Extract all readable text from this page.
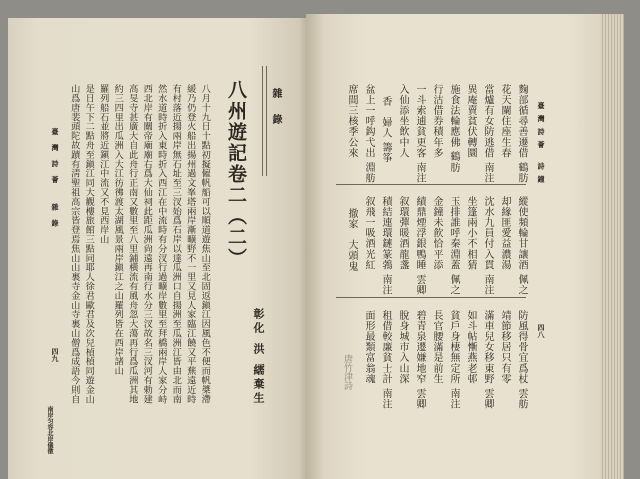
雜錄
八州遊記卷二（二）
彰化 洪 繻棄生
八月十九日十點初擬僱帆船可以順道遊焦山至北固返鎭江因風色不便而帆槳滯
緩乃仍登火船出揚州過文峯塔兩岸漸曠野不一里又見人家臨江饒又平蕪遠近時
有村落近揚兩岸無石址至三汊始爲石岸以達瓜洲口自揚洲至瓜洲江皆由北而南
然水道時折入東時折入西江在中流時有分汊行過曠岸數里至拜橋兩岸人家分峙
西北岸有關帝廟廟右爲大仙祠此距瓜洲尙遠再南行水分三汊故名三汊河有勅建
高旻寺甚廣大自此舟行正南又數里至八里鋪橫流有風舟忽大蕩再行爲瓜洲其地
約三四里出瓜洲入大江彷彿渡太湖風景兩岸鎭江之山羅列皆在西岸諸山
羅列船石並將近鎭江中流又不見西岸山
是日午下二點舟至鎭江同大觀樓旅館三點同耶人徐君歐君及次兒楨楨同遊金山
山爲唐裴頭陀故蹟有淸聖祖高宗皆登焉焦山山裏寺金山寺裏山僧爲成語今則自
南岸匀容北岸儀徵
臺灣詩薈 雜錄
四九
臺灣詩薈 詩鐘
四八
麴部循尋善遷借 鶴肪
花天闌住座生春
當爐有女防逃借 南注
異庵賣貧伏轉圜
施食法輪應佛 鶴肪
行沽借券積年多
一斗索逋貧更客 南注
入仙添坐飲中人
香　婦人 籌筝
盆上一呼鈎弋出 淵舫
席間三核季公來
縱使頻輪甘讓酒 佩之
却緣匪愛益濃湯
沈水九員付入貫 南注
坐篷兩小不相猜
玉排誰呼秦淵蓋 佩之
金鐘未飮恰平添
績鼎煙浮銀鴨睡 雲卿
叙環彈暖酒龍盞
積結連環鏈篆鵓 南注
叙飛一吸酒光紅
撤家　大頭鬼
防風得骨宜爲杖 雲舫
靖節移居只有零
滿車兒女移東野 雲卿
如斗帖慚燕老邨
貧戶身棲無定所 南注
長官腰滿是前生
碧青泉遷嫌地窄 雲卿
脫身城市入山深
租借較廉貧士計 南注
面形最類富翁魂
唐竹津詩
